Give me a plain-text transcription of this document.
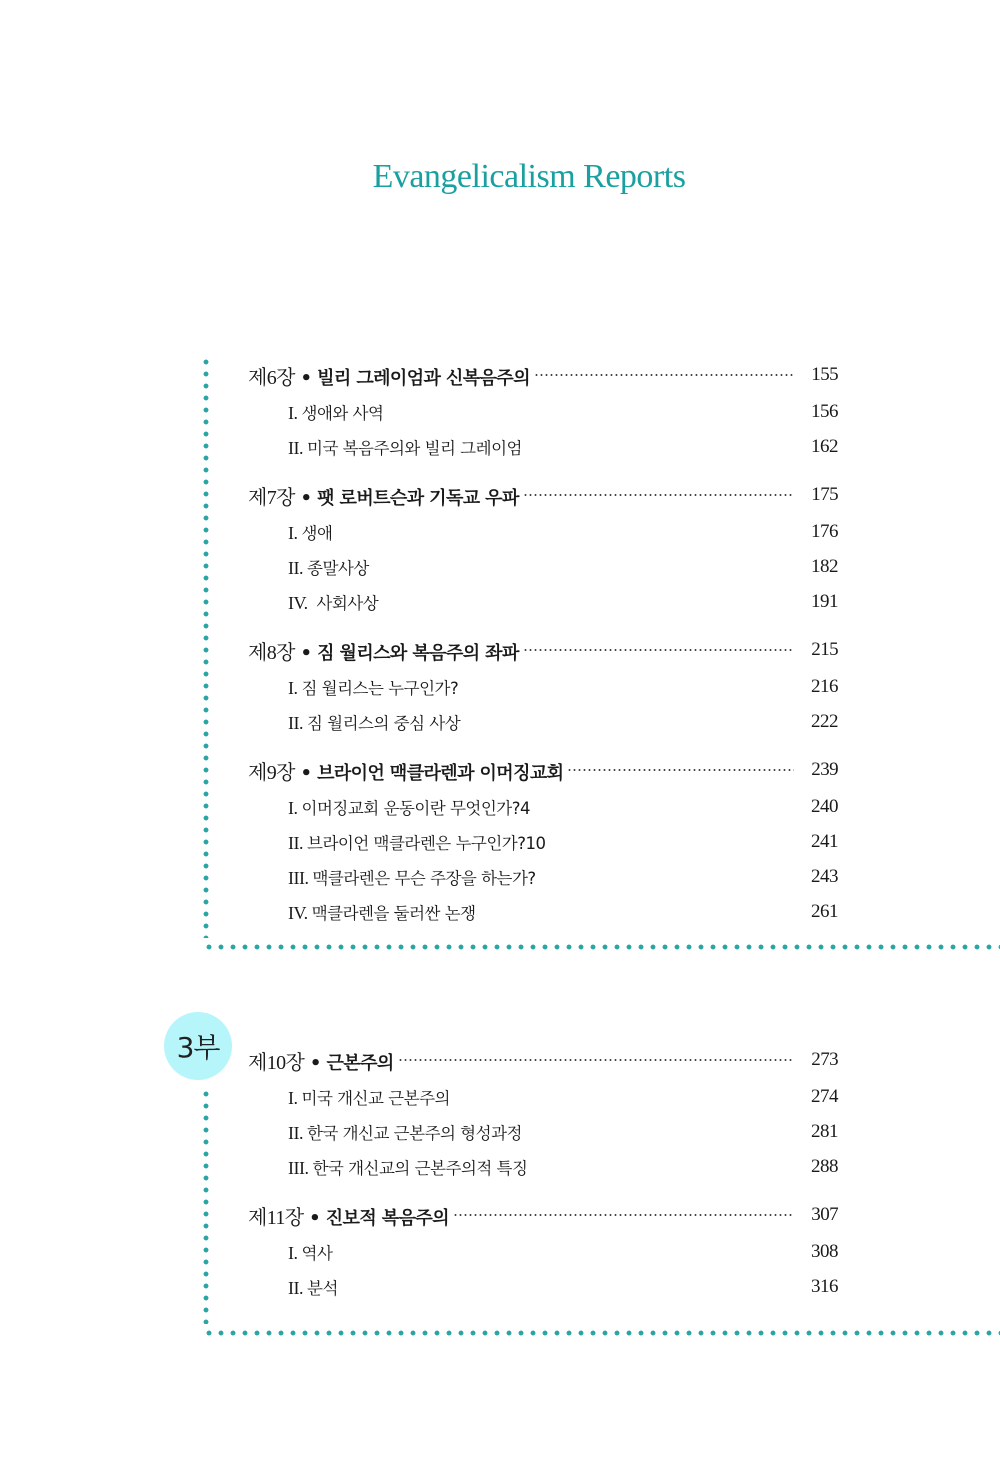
Evangelicalism Reports
제6장 • 빌리 그레이엄과 신복음주의	155
I. 생애와 사역	156
II. 미국 복음주의와 빌리 그레이엄	162
제7장 • 팻 로버트슨과 기독교 우파	175
I. 생애	176
II. 종말사상	182
IV. 사회사상	191
제8장 • 짐 월리스와 복음주의 좌파	215
I. 짐 월리스는 누구인가?	216
II. 짐 월리스의 중심 사상	222
제9장 • 브라이언 맥클라렌과 이머징교회	239
I. 이머징교회 운동이란 무엇인가?4	240
II. 브라이언 맥클라렌은 누구인가?10	241
III. 맥클라렌은 무슨 주장을 하는가?	243
IV. 맥클라렌을 둘러싼 논쟁	261
3부	제10장 • 근본주의	273
I. 미국 개신교 근본주의	274
II. 한국 개신교 근본주의 형성과정	281
III. 한국 개신교의 근본주의적 특징	288
제11장 • 진보적 복음주의	307
I. 역사	308
II. 분석	316
